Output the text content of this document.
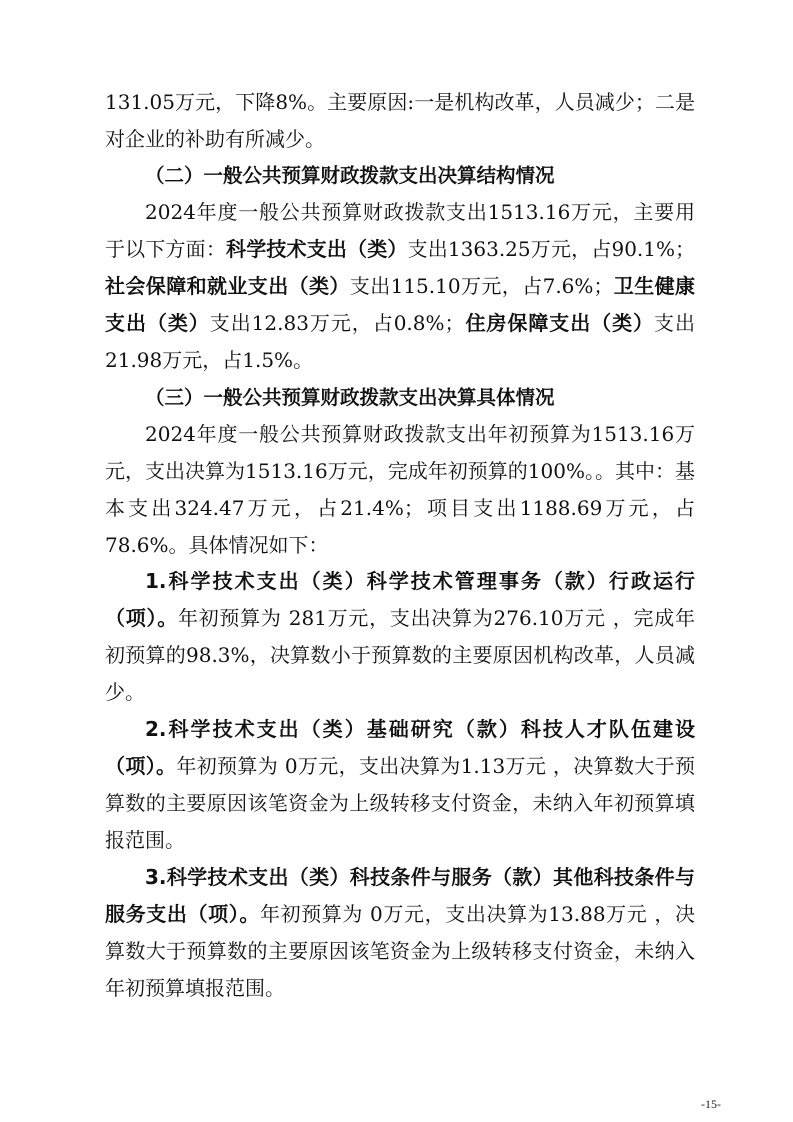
131.05万元，下降8%。主要原因:一是机构改革，人员减少；二是对企业的补助有所减少。

（二）一般公共预算财政拨款支出决算结构情况

2024年度一般公共预算财政拨款支出1513.16万元，主要用于以下方面：科学技术支出（类）支出1363.25万元，占90.1%；社会保障和就业支出（类）支出115.10万元，占7.6%；卫生健康支出（类）支出12.83万元，占0.8%；住房保障支出（类）支出21.98万元，占1.5%。

（三）一般公共预算财政拨款支出决算具体情况

2024年度一般公共预算财政拨款支出年初预算为1513.16万元，支出决算为1513.16万元，完成年初预算的100%。。其中：基本支出324.47万元，占21.4%；项目支出1188.69万元，占78.6%。具体情况如下：

1.科学技术支出（类）科学技术管理事务（款）行政运行（项）。年初预算为 281万元，支出决算为276.10万元 ，完成年初预算的98.3%，决算数小于预算数的主要原因机构改革，人员减少。

2.科学技术支出（类）基础研究（款）科技人才队伍建设（项）。年初预算为 0万元，支出决算为1.13万元 ，决算数大于预算数的主要原因该笔资金为上级转移支付资金，未纳入年初预算填报范围。

3.科学技术支出（类）科技条件与服务（款）其他科技条件与服务支出（项）。年初预算为 0万元，支出决算为13.88万元 ，决算数大于预算数的主要原因该笔资金为上级转移支付资金，未纳入年初预算填报范围。

-15-
